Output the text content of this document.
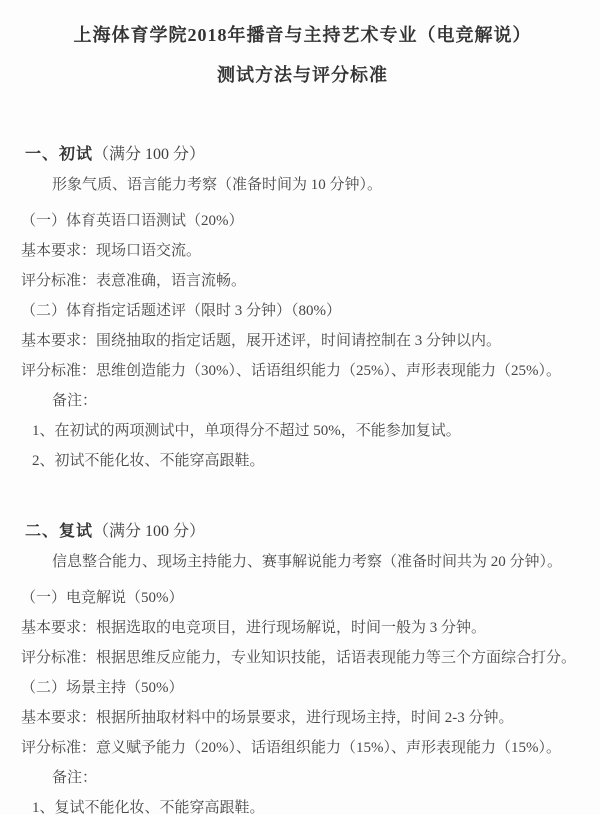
上海体育学院2018年播音与主持艺术专业（电竞解说）
测试方法与评分标准

一、初试（满分 100 分）

形象气质、语言能力考察（准备时间为 10 分钟）。

（一）体育英语口语测试（20%）

基本要求：现场口语交流。

评分标准：表意准确，语言流畅。

（二）体育指定话题述评（限时 3 分钟）（80%）

基本要求：围绕抽取的指定话题，展开述评，时间请控制在 3 分钟以内。

评分标准：思维创造能力（30%）、话语组织能力（25%）、声形表现能力（25%）。

备注：

1、在初试的两项测试中，单项得分不超过 50%，不能参加复试。

2、初试不能化妆、不能穿高跟鞋。

二、复试（满分 100 分）

信息整合能力、现场主持能力、赛事解说能力考察（准备时间共为 20 分钟）。

（一）电竞解说（50%）

基本要求：根据选取的电竞项目，进行现场解说，时间一般为 3 分钟。

评分标准：根据思维反应能力，专业知识技能，话语表现能力等三个方面综合打分。

（二）场景主持（50%）

基本要求：根据所抽取材料中的场景要求，进行现场主持，时间 2-3 分钟。

评分标准：意义赋予能力（20%）、话语组织能力（15%）、声形表现能力（15%）。

备注：

1、复试不能化妆、不能穿高跟鞋。
